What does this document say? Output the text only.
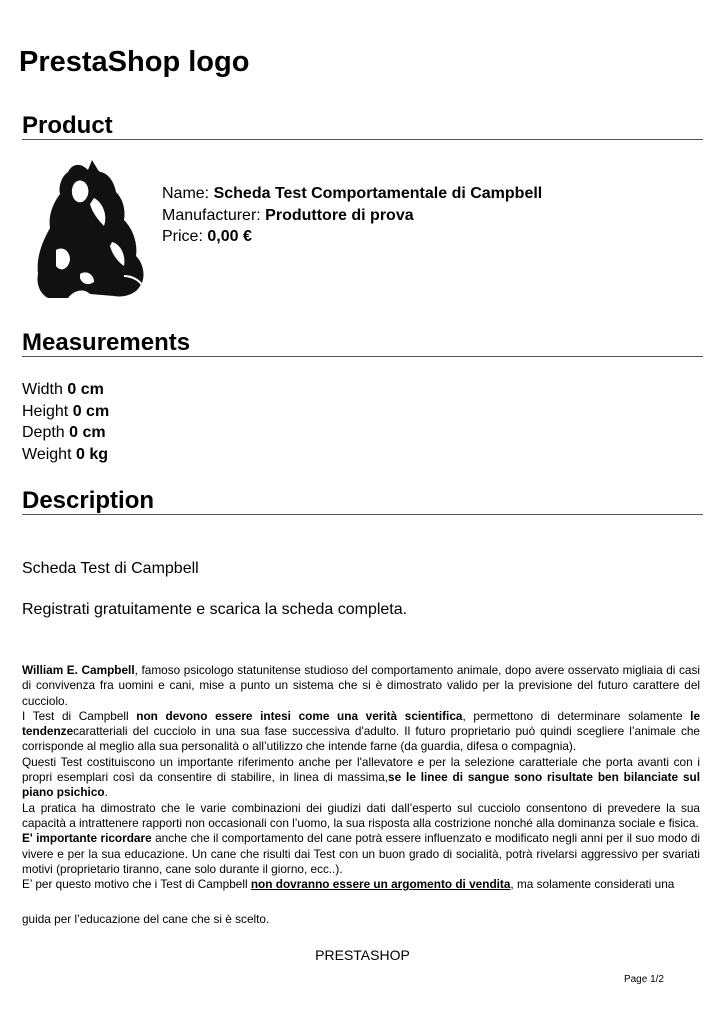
PrestaShop logo
Product
Name: Scheda Test Comportamentale di Campbell
Manufacturer: Produttore di prova
Price: 0,00 €
Measurements
Width 0 cm
Height 0 cm
Depth 0 cm
Weight 0 kg
Description
Scheda Test di Campbell
Registrati gratuitamente e scarica la scheda completa.

William E. Campbell, famoso psicologo statunitense studioso del comportamento animale, dopo avere osservato migliaia di casi di convivenza fra uomini e cani, mise a punto un sistema che si è dimostrato valido per la previsione del futuro carattere del cucciolo.

I Test di Campbell non devono essere intesi come una verità scientifica, permettono di determinare solamente le tendenzecaratteriali del cucciolo in una sua fase successiva d'adulto. Il futuro proprietario può quindi scegliere l’animale che corrisponde al meglio alla sua personalità o all’utilizzo che intende farne (da guardia, difesa o compagnia).

Questi Test costituiscono un importante riferimento anche per l'allevatore e per la selezione caratteriale che porta avanti con i propri esemplari così da consentire di stabilire, in linea di massima,se le linee di sangue sono risultate ben bilanciate sul piano psichico.

La pratica ha dimostrato che le varie combinazioni dei giudizi dati dall’esperto sul cucciolo consentono di prevedere la sua capacità a intrattenere rapporti non occasionali con l’uomo, la sua risposta alla costrizione nonché alla dominanza sociale e fisica.

E' importante ricordare anche che il comportamento del cane potrà essere influenzato e modificato negli anni per il suo modo di vivere e per la sua educazione. Un cane che risulti dai Test con un buon grado di socialità, potrà rivelarsi aggressivo per svariati motivi (proprietario tiranno, cane solo durante il giorno, ecc..).

E’ per questo motivo che i Test di Campbell non dovranno essere un argomento di vendita, ma solamente considerati una

guida per l’educazione del cane che si è scelto.
PRESTASHOP
Page 1/2
